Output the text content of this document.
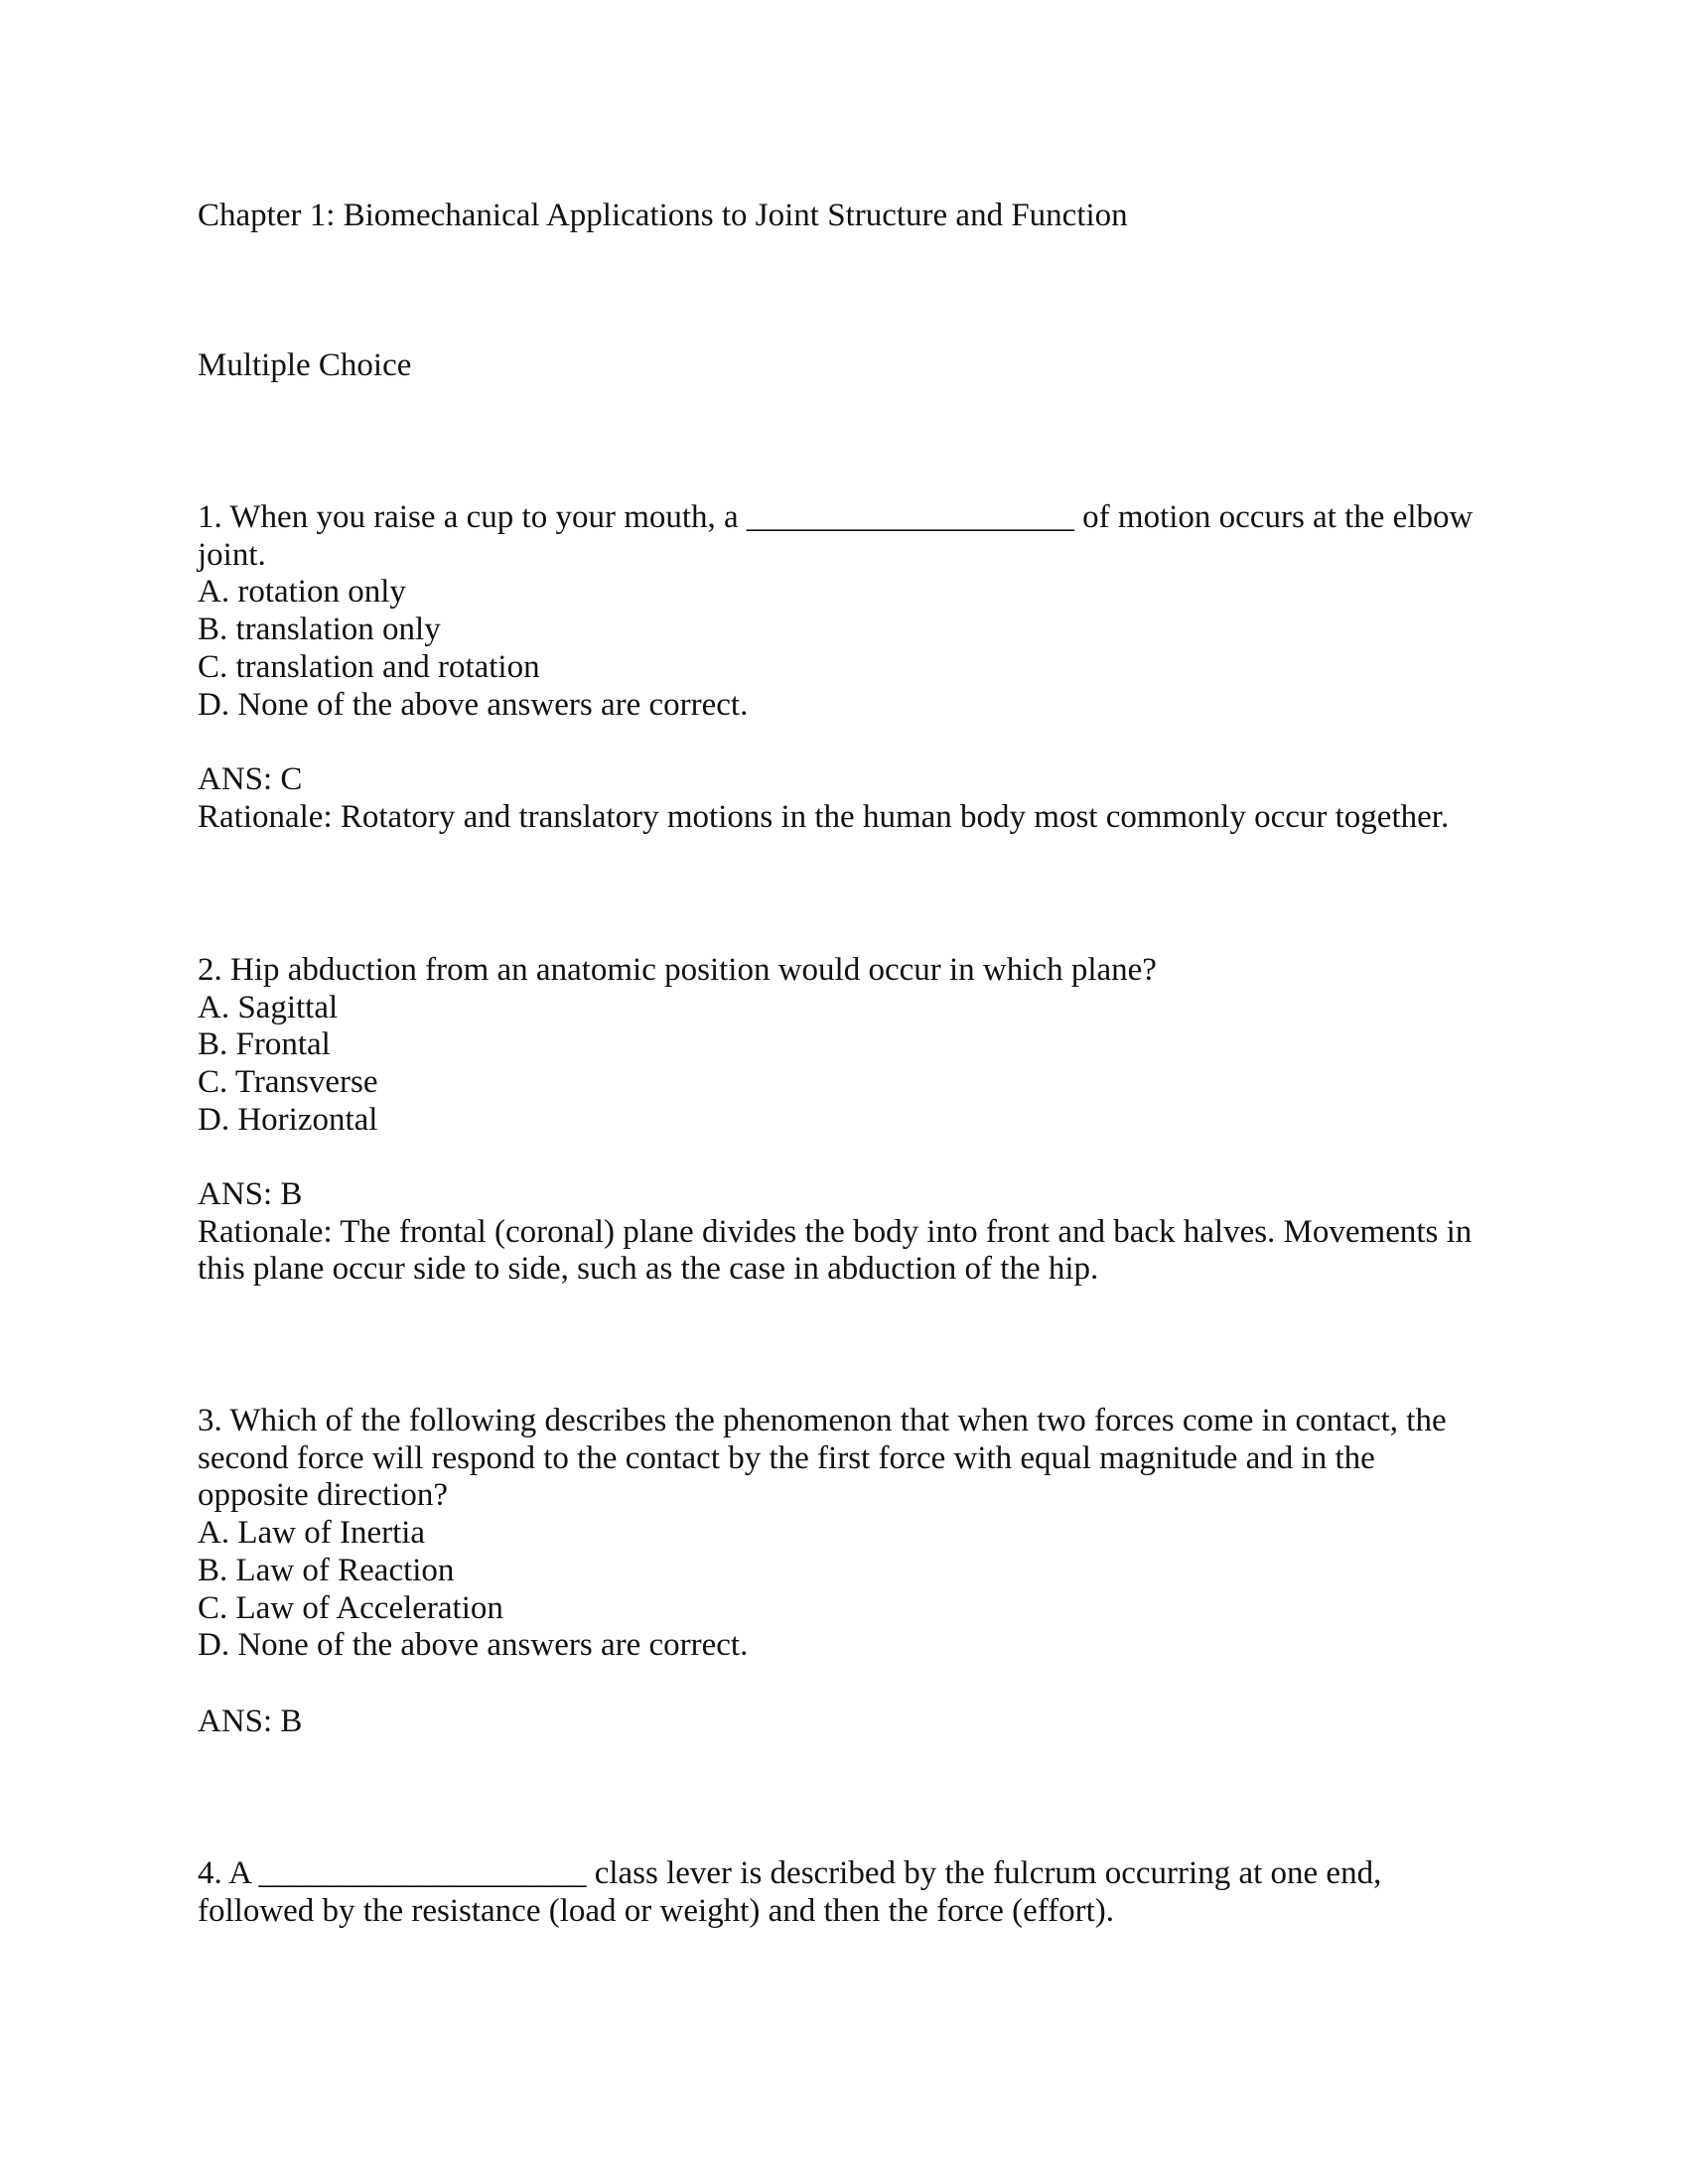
Chapter 1: Biomechanical Applications to Joint Structure and Function
Multiple Choice
1. When you raise a cup to your mouth, a ____________________ of motion occurs at the elbow
joint.
A. rotation only
B. translation only
C. translation and rotation
D. None of the above answers are correct.
ANS: C
Rationale: Rotatory and translatory motions in the human body most commonly occur together.
2. Hip abduction from an anatomic position would occur in which plane?
A. Sagittal
B. Frontal
C. Transverse
D. Horizontal
ANS: B
Rationale: The frontal (coronal) plane divides the body into front and back halves. Movements in
this plane occur side to side, such as the case in abduction of the hip.
3. Which of the following describes the phenomenon that when two forces come in contact, the
second force will respond to the contact by the first force with equal magnitude and in the
opposite direction?
A. Law of Inertia
B. Law of Reaction
C. Law of Acceleration
D. None of the above answers are correct.
ANS: B
4. A ____________________ class lever is described by the fulcrum occurring at one end,
followed by the resistance (load or weight) and then the force (effort).
